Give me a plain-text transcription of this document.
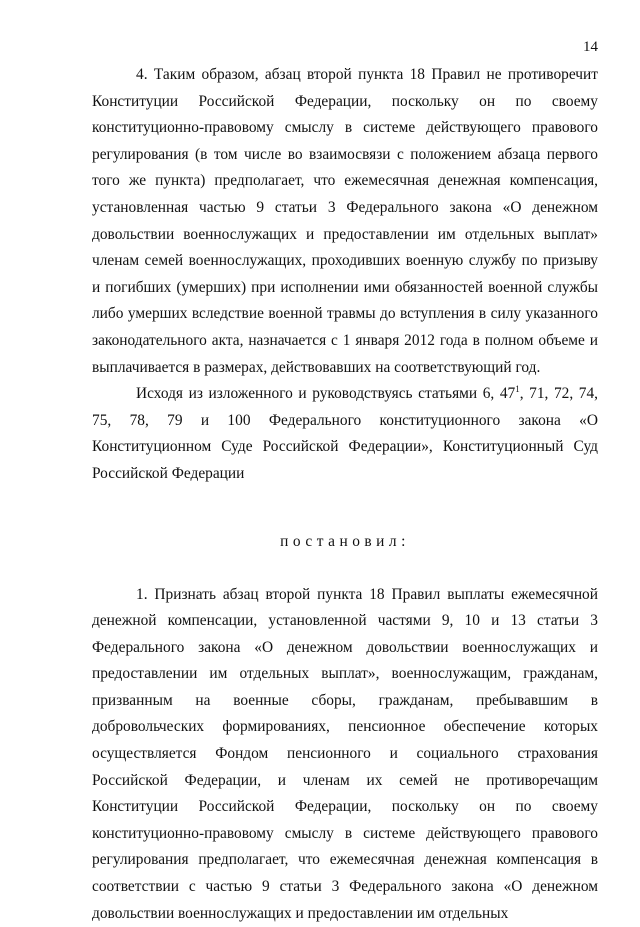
14

4. Таким образом, абзац второй пункта 18 Правил не противоречит Конституции Российской Федерации, поскольку он по своему конституционно-правовому смыслу в системе действующего правового регулирования (в том числе во взаимосвязи с положением абзаца первого того же пункта) предполагает, что ежемесячная денежная компенсация, установленная частью 9 статьи 3 Федерального закона «О денежном довольствии военнослужащих и предоставлении им отдельных выплат» членам семей военнослужащих, проходивших военную службу по призыву и погибших (умерших) при исполнении ими обязанностей военной службы либо умерших вследствие военной травмы до вступления в силу указанного законодательного акта, назначается с 1 января 2012 года в полном объеме и выплачивается в размерах, действовавших на соответствующий год.

Исходя из изложенного и руководствуясь статьями 6, $47^1$, 71, 72, 74, 75, 78, 79 и 100 Федерального конституционного закона «О Конституционном Суде Российской Федерации», Конституционный Суд Российской Федерации

постановил:

1. Признать абзац второй пункта 18 Правил выплаты ежемесячной денежной компенсации, установленной частями 9, 10 и 13 статьи 3 Федерального закона «О денежном довольствии военнослужащих и предоставлении им отдельных выплат», военнослужащим, гражданам, призванным на военные сборы, гражданам, пребывавшим в добровольческих формированиях, пенсионное обеспечение которых осуществляется Фондом пенсионного и социального страхования Российской Федерации, и членам их семей не противоречащим Конституции Российской Федерации, поскольку он по своему конституционно-правовому смыслу в системе действующего правового регулирования предполагает, что ежемесячная денежная компенсация в соответствии с частью 9 статьи 3 Федерального закона «О денежном довольствии военнослужащих и предоставлении им отдельных
